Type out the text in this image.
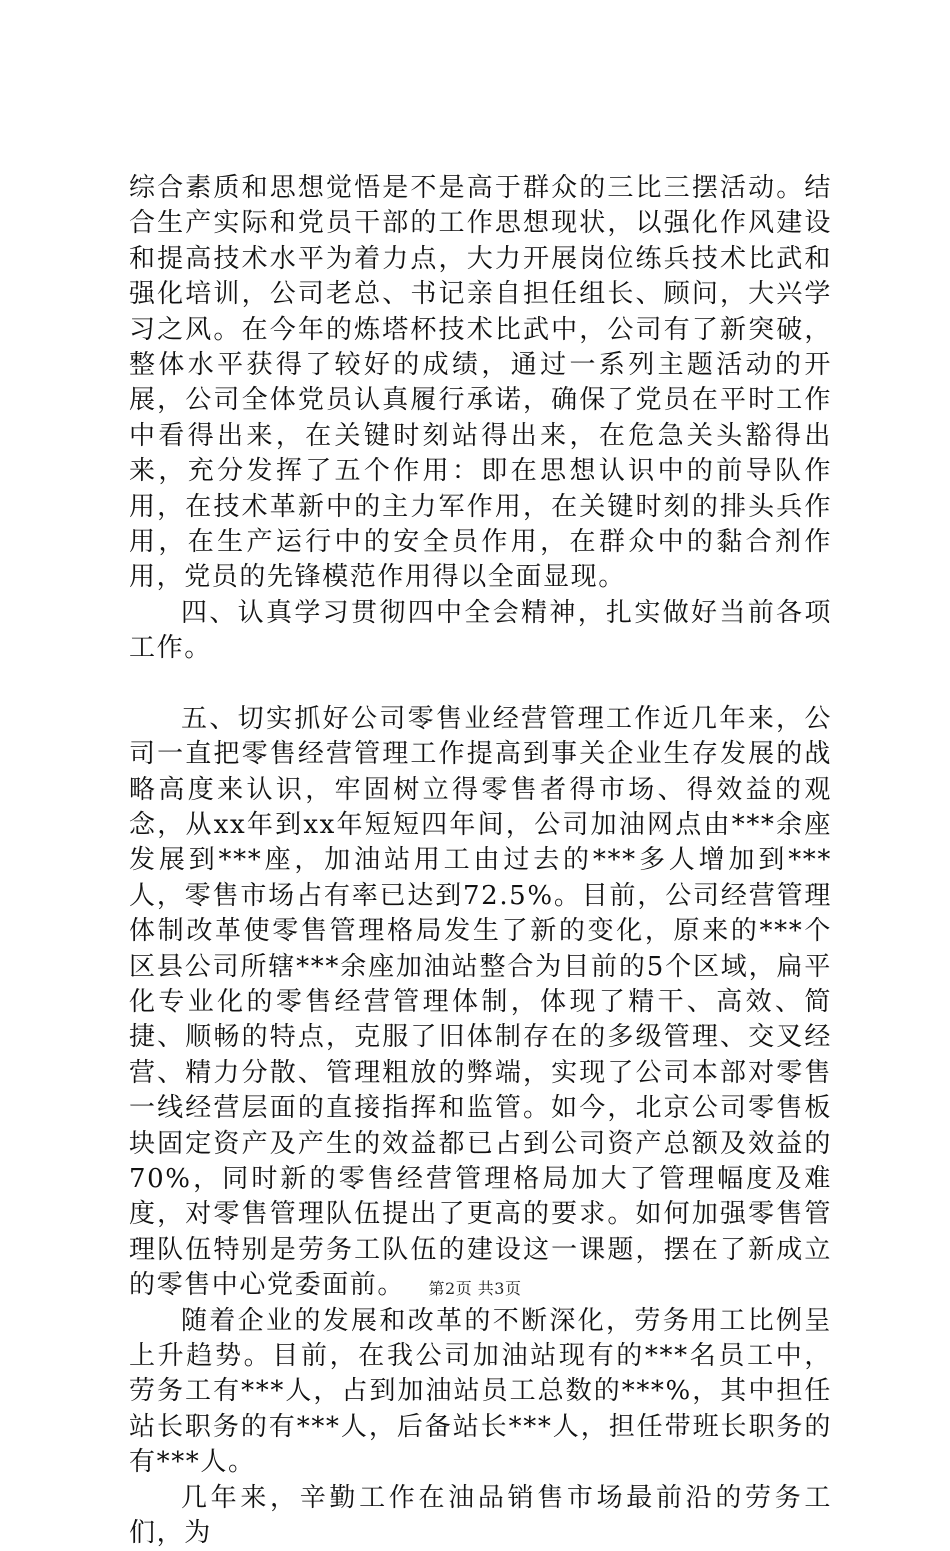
综合素质和思想觉悟是不是高于群众的三比三摆活动。结合生产实际和党员干部的工作思想现状，以强化作风建设和提高技术水平为着力点，大力开展岗位练兵技术比武和强化培训，公司老总、书记亲自担任组长、顾问，大兴学习之风。在今年的炼塔杯技术比武中，公司有了新突破，整体水平获得了较好的成绩，通过一系列主题活动的开展，公司全体党员认真履行承诺，确保了党员在平时工作中看得出来，在关键时刻站得出来，在危急关头豁得出来，充分发挥了五个作用：即在思想认识中的前导队作用，在技术革新中的主力军作用，在关键时刻的排头兵作用，在生产运行中的安全员作用，在群众中的黏合剂作用，党员的先锋模范作用得以全面显现。

四、认真学习贯彻四中全会精神，扎实做好当前各项工作。

五、切实抓好公司零售业经营管理工作近几年来，公司一直把零售经营管理工作提高到事关企业生存发展的战略高度来认识，牢固树立得零售者得市场、得效益的观念，从xx年到xx年短短四年间，公司加油网点由***余座发展到***座，加油站用工由过去的***多人增加到***人，零售市场占有率已达到72.5%。目前，公司经营管理体制改革使零售管理格局发生了新的变化，原来的***个区县公司所辖***余座加油站整合为目前的5个区域，扁平化专业化的零售经营管理体制，体现了精干、高效、简捷、顺畅的特点，克服了旧体制存在的多级管理、交叉经营、精力分散、管理粗放的弊端，实现了公司本部对零售一线经营层面的直接指挥和监管。如今，北京公司零售板块固定资产及产生的效益都已占到公司资产总额及效益的70%，同时新的零售经营管理格局加大了管理幅度及难度，对零售管理队伍提出了更高的要求。如何加强零售管理队伍特别是劳务工队伍的建设这一课题，摆在了新成立的零售中心党委面前。

随着企业的发展和改革的不断深化，劳务用工比例呈上升趋势。目前，在我公司加油站现有的***名员工中，劳务工有***人，占到加油站员工总数的***%，其中担任站长职务的有***人，后备站长***人，担任带班长职务的有***人。

几年来，辛勤工作在油品销售市场最前沿的劳务工们，为

第2页 共3页
